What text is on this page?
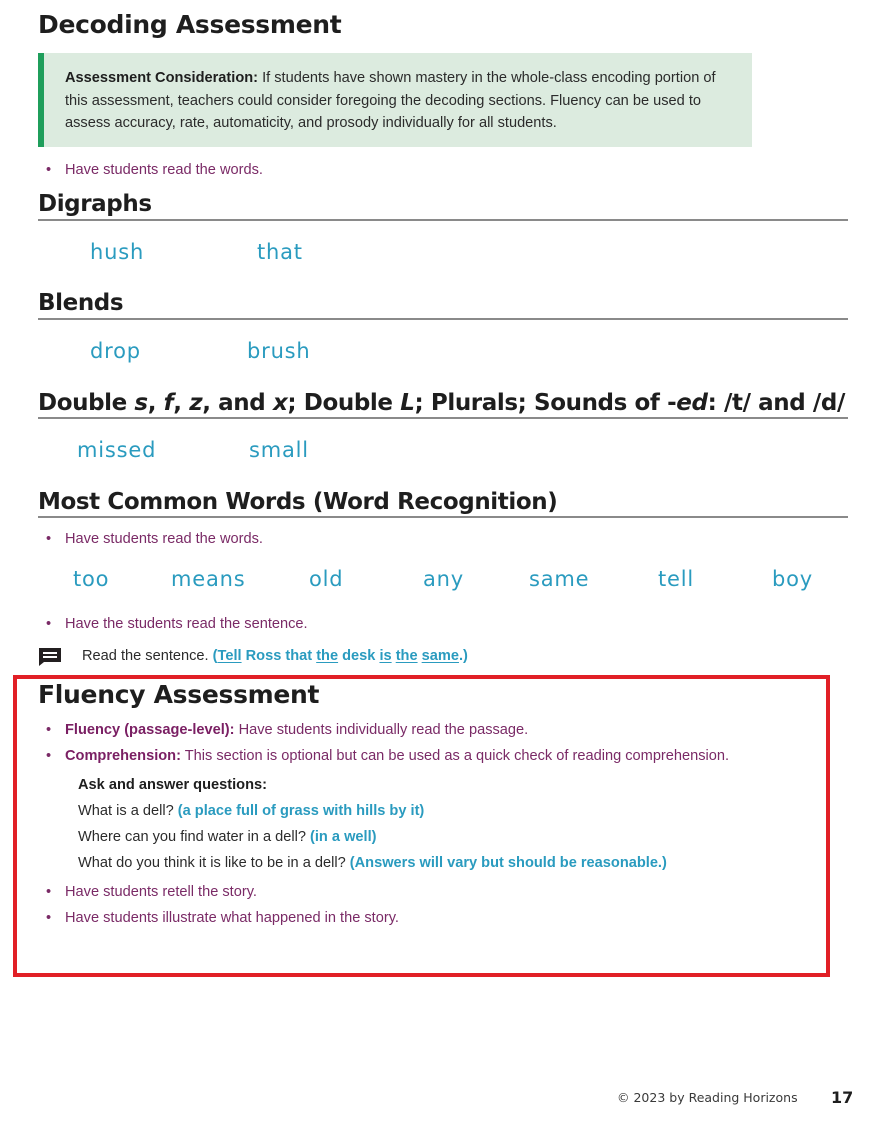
Decoding Assessment
Assessment Consideration: If students have shown mastery in the whole-class encoding portion of this assessment, teachers could consider foregoing the decoding sections. Fluency can be used to assess accuracy, rate, automaticity, and prosody individually for all students.
• Have students read the words.
Digraphs
hush	that
Blends
drop	brush
Double s, f, z, and x; Double L; Plurals; Sounds of -ed: /t/ and /d/
missed	small
Most Common Words (Word Recognition)
• Have students read the words.
too	means	old	any	same	tell	boy
• Have the students read the sentence.
Read the sentence.
(Tell Ross that the desk is the same.)
Fluency Assessment
• Fluency (passage-level): Have students individually read the passage.
• Comprehension: This section is optional but can be used as a quick check of reading comprehension.
Ask and answer questions:
What is a dell? (a place full of grass with hills by it)
Where can you find water in a dell? (in a well)
What do you think it is like to be in a dell? (Answers will vary but should be reasonable.)
• Have students retell the story.
• Have students illustrate what happened in the story.
© 2023 by Reading Horizons 17
